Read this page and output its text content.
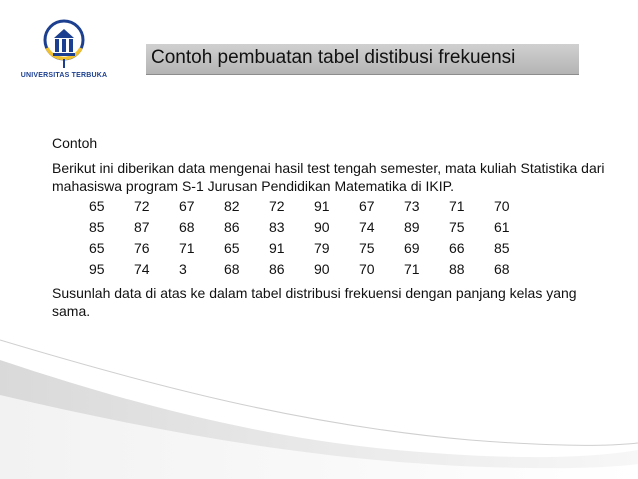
UNIVERSITAS TERBUKA
Contoh pembuatan tabel distibusi frekuensi

Contoh

Berikut ini diberikan data mengenai hasil test tengah semester, mata kuliah Statistika dari mahasiswa program S-1 Jurusan Pendidikan Matematika di IKIP.

65	72	67	82	72	91	67	73	71	70
85	87	68	86	83	90	74	89	75	61
65	76	71	65	91	79	75	69	66	85
95	74	3	68	86	90	70	71	88	68

Susunlah data di atas ke dalam tabel distribusi frekuensi dengan panjang kelas yang sama.
